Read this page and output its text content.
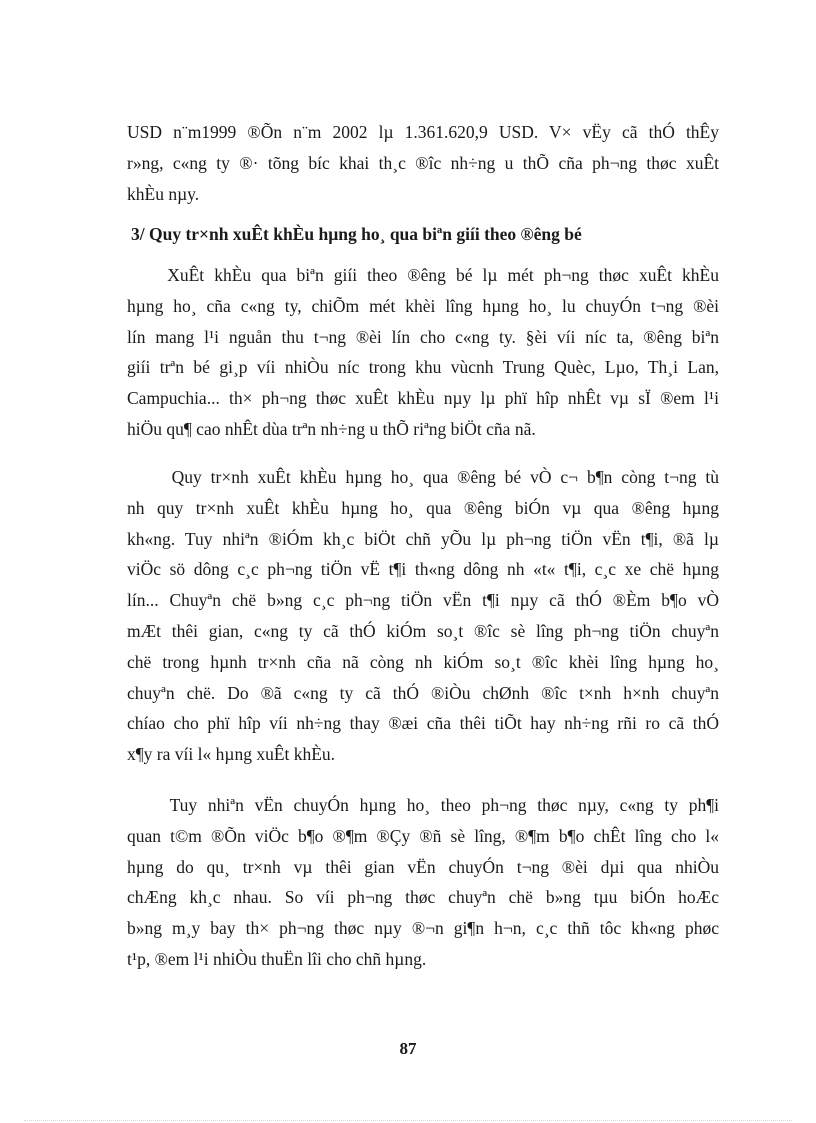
USD n¨m1999 ®Õn n¨m 2002 lµ 1.361.620,9 USD. V× vËy cã thÓ thÊy
r»ng, c«ng ty ®· tõng bíc khai th¸c ®îc nh÷ng u thÕ cña ph¬ng thøc xuÊt
khÈu nµy.
3/ Quy tr×nh xuÊt khÈu hµng ho¸ qua biªn giíi theo ®êng bé
XuÊt khÈu qua biªn giíi theo ®êng bé lµ mét ph¬ng thøc xuÊt khÈu
hµng ho¸ cña c«ng ty, chiÕm mét khèi lîng hµng ho¸ lu chuyÓn t¬ng ®èi
lín mang l¹i nguån thu t¬ng ®èi lín cho c«ng ty. §èi víi níc ta, ®êng biªn
giíi trªn bé gi¸p víi nhiÒu níc trong khu vùcnh Trung Quèc, Lµo, Th¸i Lan,
Campuchia... th× ph¬ng thøc xuÊt khÈu nµy lµ phï hîp nhÊt vµ sÏ ®em l¹i
hiÖu qu¶ cao nhÊt dùa trªn nh÷ng u thÕ riªng biÖt cña nã.
Quy tr×nh xuÊt khÈu hµng ho¸ qua ®êng bé vÒ c¬ b¶n còng t¬ng tù
nh quy tr×nh xuÊt khÈu hµng ho¸ qua ®êng biÓn vµ qua ®êng hµng
kh«ng. Tuy nhiªn ®iÓm kh¸c biÖt chñ yÕu lµ ph¬ng tiÖn vËn t¶i, ®ã lµ
viÖc sö dông c¸c ph¬ng tiÖn vË t¶i th«ng dông nh «t« t¶i, c¸c xe chë hµng
lín... Chuyªn chë b»ng c¸c ph¬ng tiÖn vËn t¶i nµy cã thÓ ®Èm b¶o vÒ
mÆt thêi gian, c«ng ty cã thÓ kiÓm so¸t ®îc sè lîng ph¬ng tiÖn chuyªn
chë trong hµnh tr×nh cña nã còng nh kiÓm so¸t ®îc khèi lîng hµng ho¸
chuyªn chë. Do ®ã c«ng ty cã thÓ ®iÒu chØnh ®îc t×nh h×nh chuyªn
chíao cho phï hîp víi nh÷ng thay ®æi cña thêi tiÕt hay nh÷ng rñi ro cã thÓ
x¶y ra víi l« hµng xuÊt khÈu.
Tuy nhiªn vËn chuyÓn hµng ho¸ theo ph¬ng thøc nµy, c«ng ty ph¶i
quan t©m ®Õn viÖc b¶o ®¶m ®Çy ®ñ sè lîng, ®¶m b¶o chÊt lîng cho l«
hµng do qu¸ tr×nh vµ thêi gian vËn chuyÓn t¬ng ®èi dµi qua nhiÒu
chÆng kh¸c nhau. So víi ph¬ng thøc chuyªn chë b»ng tµu biÓn hoÆc
b»ng m¸y bay th× ph¬ng thøc nµy ®¬n gi¶n h¬n, c¸c thñ tôc kh«ng phøc
t¹p, ®em l¹i nhiÒu thuËn lîi cho chñ hµng.
87
